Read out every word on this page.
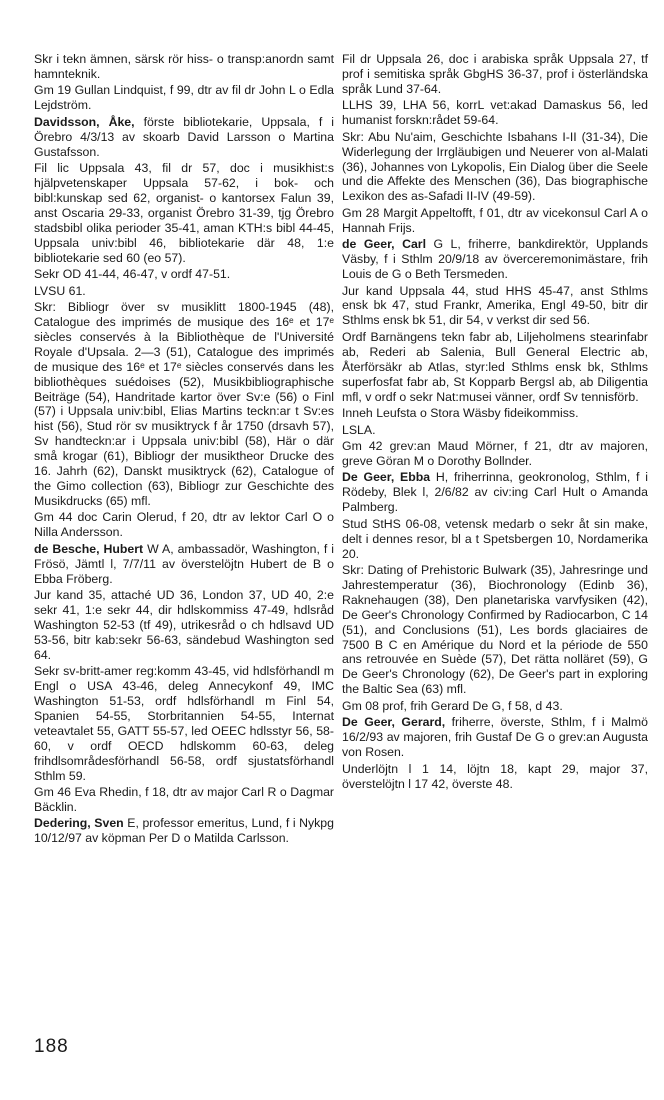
Skr i tekn ämnen, särsk rör hiss- o transp:anordn samt hamnteknik.

Gm 19 Gullan Lindquist, f 99, dtr av fil dr John L o Edla Lejdström.

Davidsson, Åke, förste bibliotekarie, Uppsala, f i Örebro 4/3/13 av skoarb David Larsson o Martina Gustafsson.

Fil lic Uppsala 43, fil dr 57, doc i musikhist:s hjälpvetenskaper Uppsala 57-62, i bok- och bibl:kunskap sed 62, organist- o kantorsex Falun 39, anst Oscaria 29-33, organist Örebro 31-39, tjg Örebro stadsbibl olika perioder 35-41, aman KTH:s bibl 44-45, Uppsala univ:bibl 46, bibliotekarie där 48, 1:e bibliotekarie sed 60 (eo 57).

Sekr OD 41-44, 46-47, v ordf 47-51.

LVSU 61.

Skr: Bibliogr över sv musiklitt 1800-1945 (48), Catalogue des imprimés de musique des 16ᵉ et 17ᵉ siècles conservés à la Bibliothèque de l'Université Royale d'Upsala. 2—3 (51), Catalogue des imprimés de musique des 16ᵉ et 17ᵉ siècles conservés dans les bibliothèques suédoises (52), Musikbibliographische Beiträge (54), Handritade kartor över Sv:e (56) o Finl (57) i Uppsala univ:bibl, Elias Martins teckn:ar t Sv:es hist (56), Stud rör sv musiktryck f år 1750 (drsavh 57), Sv handteckn:ar i Uppsala univ:bibl (58), Här o där små krogar (61), Bibliogr der musiktheor Drucke des 16. Jahrh (62), Danskt musiktryck (62), Catalogue of the Gimo collection (63), Bibliogr zur Geschichte des Musikdrucks (65) mfl.

Gm 44 doc Carin Olerud, f 20, dtr av lektor Carl O o Nilla Andersson.

de Besche, Hubert W A, ambassadör, Washington, f i Frösö, Jämtl l, 7/7/11 av överstelöjtn Hubert de B o Ebba Fröberg.

Jur kand 35, attaché UD 36, London 37, UD 40, 2:e sekr 41, 1:e sekr 44, dir hdlskommiss 47-49, hdlsråd Washington 52-53 (tf 49), utrikesråd o ch hdlsavd UD 53-56, bitr kab:sekr 56-63, sändebud Washington sed 64.

Sekr sv-britt-amer reg:komm 43-45, vid hdlsförhandl m Engl o USA 43-46, deleg Annecykonf 49, IMC Washington 51-53, ordf hdlsförhandl m Finl 54, Spanien 54-55, Storbritannien 54-55, Internat veteavtalet 55, GATT 55-57, led OEEC hdlsstyr 56, 58-60, v ordf OECD hdlskomm 60-63, deleg frihdlsområdesförhandl 56-58, ordf sjustatsförhandl Sthlm 59.

Gm 46 Eva Rhedin, f 18, dtr av major Carl R o Dagmar Bäcklin.

Dedering, Sven E, professor emeritus, Lund, f i Nykpg 10/12/97 av köpman Per D o Matilda Carlsson.

Fil dr Uppsala 26, doc i arabiska språk Uppsala 27, tf prof i semitiska språk GbgHS 36-37, prof i österländska språk Lund 37-64.

LLHS 39, LHA 56, korrL vet:akad Damaskus 56, led humanist forskn:rådet 59-64.

Skr: Abu Nu'aim, Geschichte Isbahans I-II (31-34), Die Widerlegung der Irrgläubigen und Neuerer von al-Malati (36), Johannes von Lykopolis, Ein Dialog über die Seele und die Affekte des Menschen (36), Das biographische Lexikon des as-Safadi II-IV (49-59).

Gm 28 Margit Appeltofft, f 01, dtr av vicekonsul Carl A o Hannah Frijs.

de Geer, Carl G L, friherre, bankdirektör, Upplands Väsby, f i Sthlm 20/9/18 av överceremonimästare, frih Louis de G o Beth Tersmeden.

Jur kand Uppsala 44, stud HHS 45-47, anst Sthlms ensk bk 47, stud Frankr, Amerika, Engl 49-50, bitr dir Sthlms ensk bk 51, dir 54, v verkst dir sed 56.

Ordf Barnängens tekn fabr ab, Liljeholmens stearinfabr ab, Rederi ab Salenia, Bull General Electric ab, Återförsäkr ab Atlas, styr:led Sthlms ensk bk, Sthlms superfosfat fabr ab, St Kopparb Bergsl ab, ab Diligentia mfl, v ordf o sekr Nat:musei vänner, ordf Sv tennisförb.

Inneh Leufsta o Stora Wäsby fideikommiss.

LSLA.

Gm 42 grev:an Maud Mörner, f 21, dtr av majoren, greve Göran M o Dorothy Bollnder.

De Geer, Ebba H, friherrinna, geokronolog, Sthlm, f i Rödeby, Blek l, 2/6/82 av civ:ing Carl Hult o Amanda Palmberg.

Stud StHS 06-08, vetensk medarb o sekr åt sin make, delt i dennes resor, bl a t Spetsbergen 10, Nordamerika 20.

Skr: Dating of Prehistoric Bulwark (35), Jahresringe und Jahrestemperatur (36), Biochronology (Edinb 36), Raknehaugen (38), Den planetariska varvfysiken (42), De Geer's Chronology Confirmed by Radiocarbon, C 14 (51), and Conclusions (51), Les bords glaciaires de 7500 B C en Amérique du Nord et la période de 550 ans retrouvée en Suède (57), Det rätta nolläret (59), G De Geer's Chronology (62), De Geer's part in exploring the Baltic Sea (63) mfl.

Gm 08 prof, frih Gerard De G, f 58, d 43.

De Geer, Gerard, friherre, överste, Sthlm, f i Malmö 16/2/93 av majoren, frih Gustaf De G o grev:an Augusta von Rosen.

Underlöjtn l 1 14, löjtn 18, kapt 29, major 37, överstelöjtn l 17 42, överste 48.

188
